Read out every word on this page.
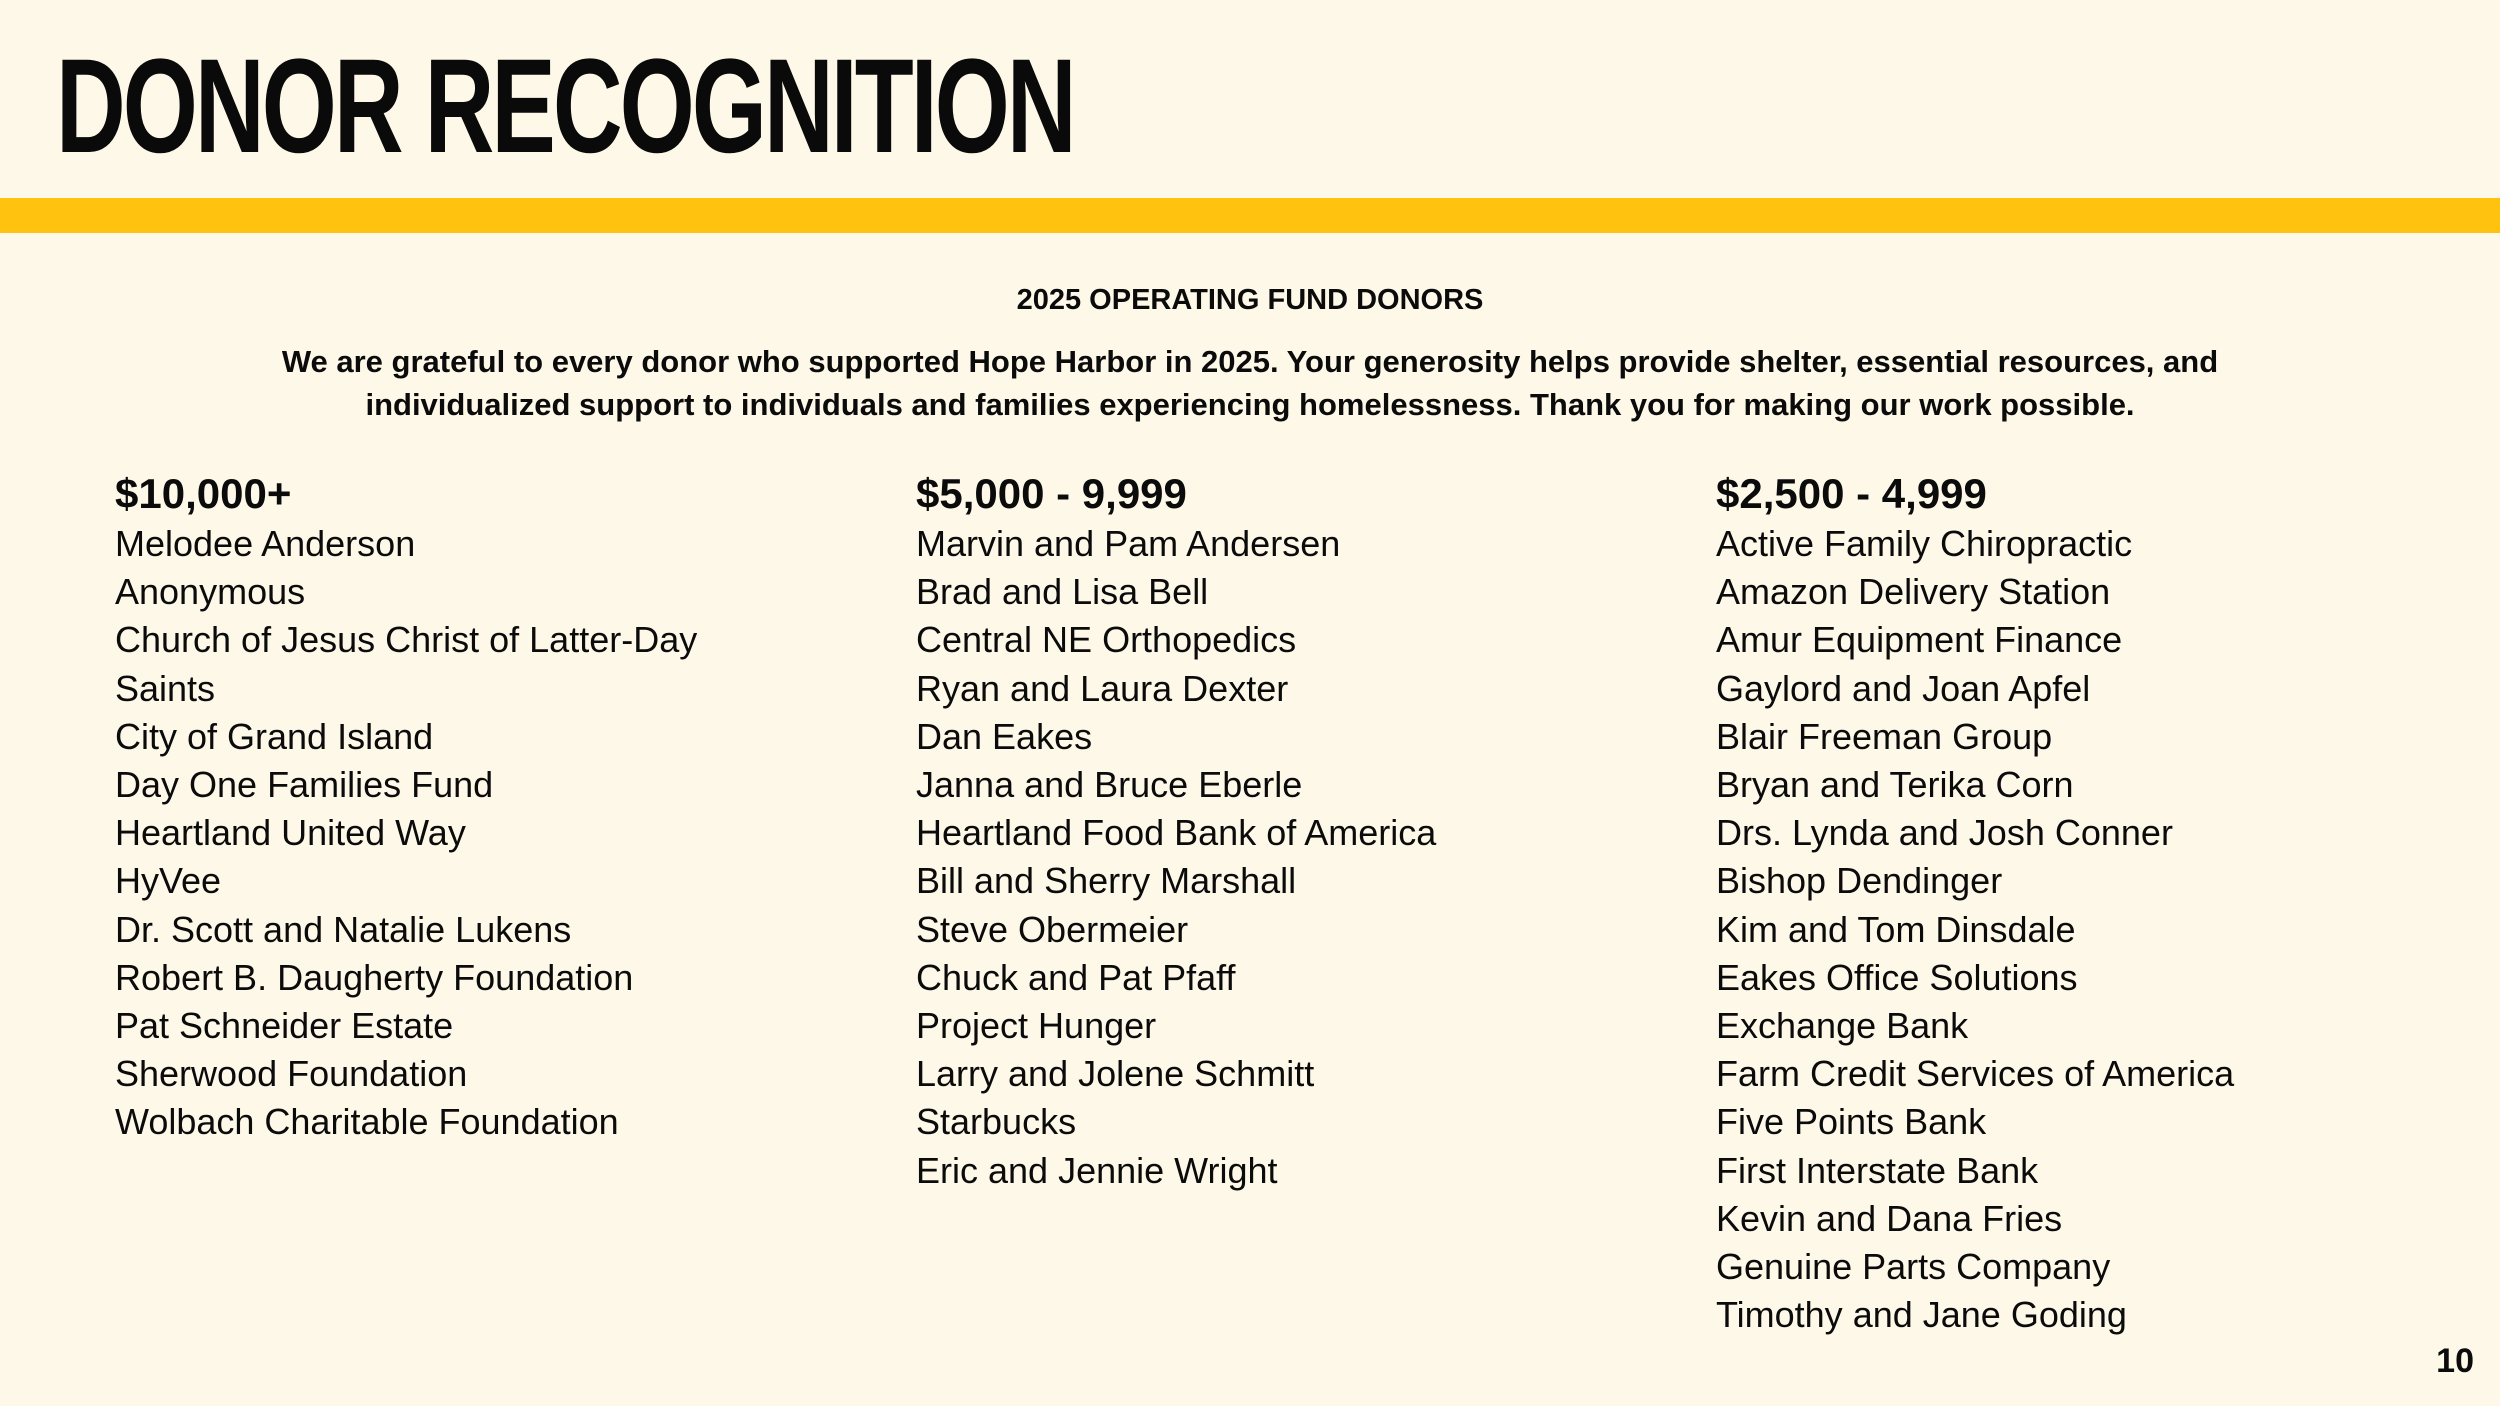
DONOR RECOGNITION
2025 OPERATING FUND DONORS

We are grateful to every donor who supported Hope Harbor in 2025. Your generosity helps provide shelter, essential resources, and individualized support to individuals and families experiencing homelessness. Thank you for making our work possible.

$10,000+
Melodee Anderson
Anonymous
Church of Jesus Christ of Latter-Day Saints
City of Grand Island
Day One Families Fund
Heartland United Way
HyVee
Dr. Scott and Natalie Lukens
Robert B. Daugherty Foundation
Pat Schneider Estate
Sherwood Foundation
Wolbach Charitable Foundation
$5,000 - 9,999
Marvin and Pam Andersen
Brad and Lisa Bell
Central NE Orthopedics
Ryan and Laura Dexter
Dan Eakes
Janna and Bruce Eberle
Heartland Food Bank of America
Bill and Sherry Marshall
Steve Obermeier
Chuck and Pat Pfaff
Project Hunger
Larry and Jolene Schmitt
Starbucks
Eric and Jennie Wright
$2,500 - 4,999
Active Family Chiropractic
Amazon Delivery Station
Amur Equipment Finance
Gaylord and Joan Apfel
Blair Freeman Group
Bryan and Terika Corn
Drs. Lynda and Josh Conner
Bishop Dendinger
Kim and Tom Dinsdale
Eakes Office Solutions
Exchange Bank
Farm Credit Services of America
Five Points Bank
First Interstate Bank
Kevin and Dana Fries
Genuine Parts Company
Timothy and Jane Goding
10
